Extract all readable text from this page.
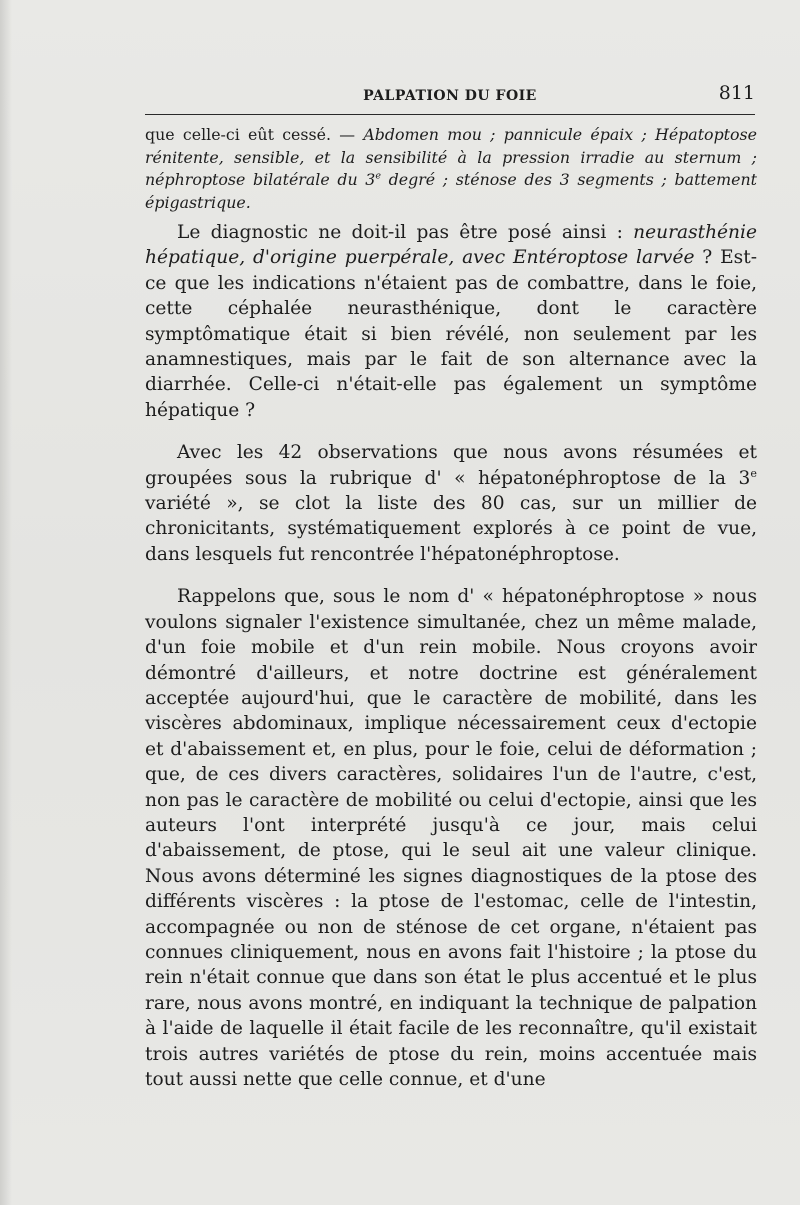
PALPATION DU FOIE	811

que celle-ci eût cessé. — Abdomen mou ; pannicule épaix ; Hépatoptose rénitente, sensible, et la sensibilité à la pression irradie au sternum ; néphroptose bilatérale du 3e degré ; sténose des 3 segments ; battement épigastrique.

Le diagnostic ne doit-il pas être posé ainsi : neurasthénie hépatique, d'origine puerpérale, avec Entéroptose larvée ? Est-ce que les indications n'étaient pas de combattre, dans le foie, cette céphalée neurasthénique, dont le caractère symptômatique était si bien révélé, non seulement par les anamnestiques, mais par le fait de son alternance avec la diarrhée. Celle-ci n'était-elle pas également un symptôme hépatique ?

Avec les 42 observations que nous avons résumées et groupées sous la rubrique d' « hépatonéphroptose de la 3e variété », se clot la liste des 80 cas, sur un millier de chronicitants, systématiquement explorés à ce point de vue, dans lesquels fut rencontrée l'hépatonéphroptose.

Rappelons que, sous le nom d' « hépatonéphroptose » nous voulons signaler l'existence simultanée, chez un même malade, d'un foie mobile et d'un rein mobile. Nous croyons avoir démontré d'ailleurs, et notre doctrine est généralement acceptée aujourd'hui, que le caractère de mobilité, dans les viscères abdominaux, implique nécessairement ceux d'ectopie et d'abaissement et, en plus, pour le foie, celui de déformation ; que, de ces divers caractères, solidaires l'un de l'autre, c'est, non pas le caractère de mobilité ou celui d'ectopie, ainsi que les auteurs l'ont interprété jusqu'à ce jour, mais celui d'abaissement, de ptose, qui le seul ait une valeur clinique. Nous avons déterminé les signes diagnostiques de la ptose des différents viscères : la ptose de l'estomac, celle de l'intestin, accompagnée ou non de sténose de cet organe, n'étaient pas connues cliniquement, nous en avons fait l'histoire ; la ptose du rein n'était connue que dans son état le plus accentué et le plus rare, nous avons montré, en indiquant la technique de palpation à l'aide de laquelle il était facile de les reconnaître, qu'il existait trois autres variétés de ptose du rein, moins accentuée mais tout aussi nette que celle connue, et d'une
